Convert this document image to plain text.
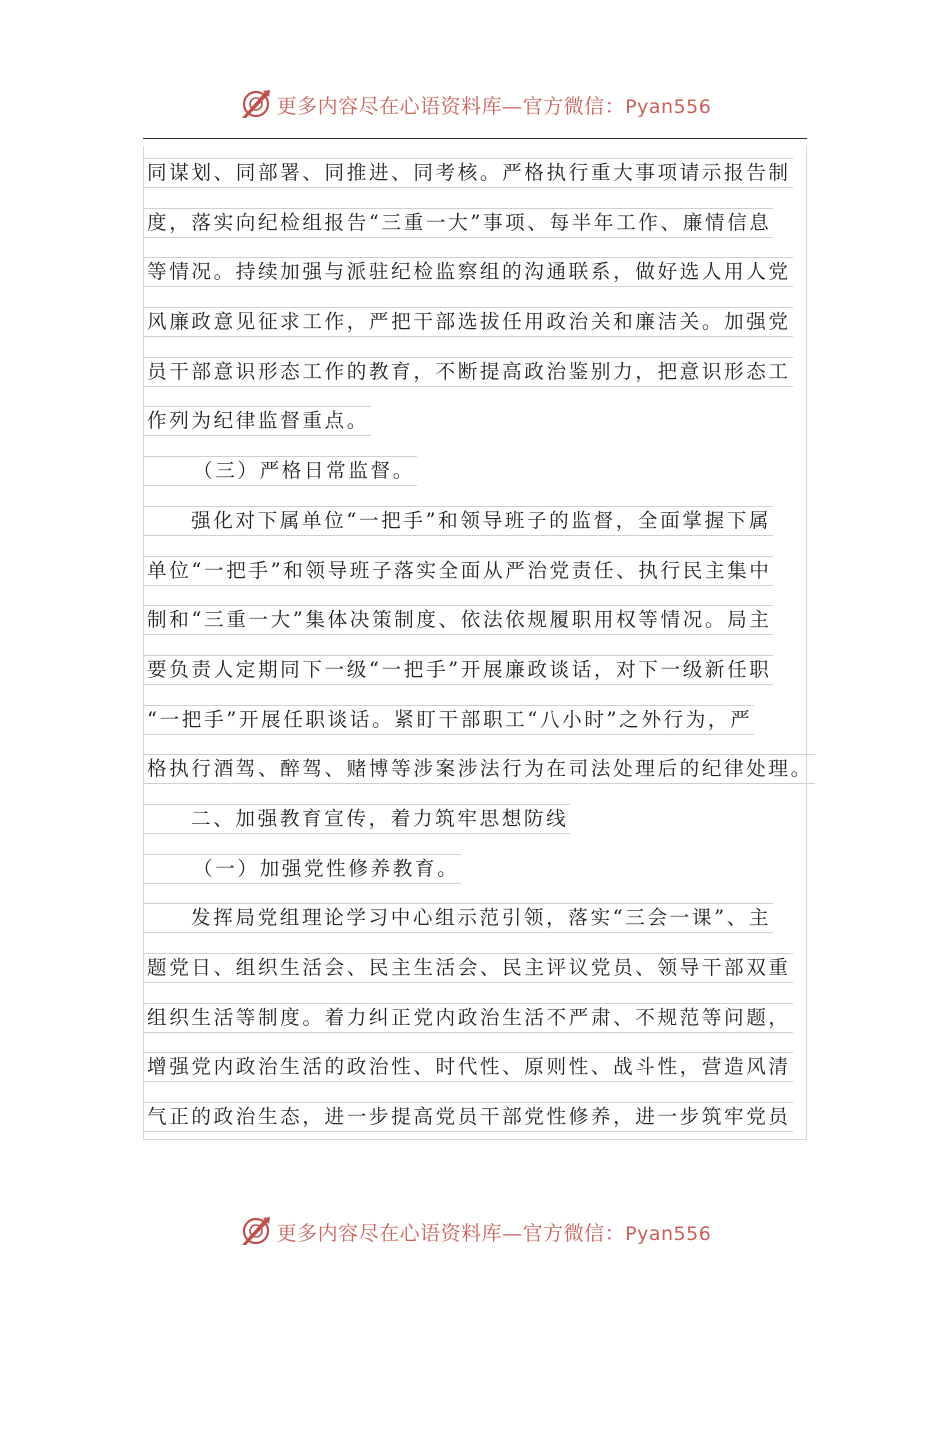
更多内容尽在心语资料库—官方微信：Pyan556
同谋划、同部署、同推进、同考核。严格执行重大事项请示报告制
度，落实向纪检组报告“三重一大”事项、每半年工作、廉情信息
等情况。持续加强与派驻纪检监察组的沟通联系，做好选人用人党
风廉政意见征求工作，严把干部选拔任用政治关和廉洁关。加强党
员干部意识形态工作的教育，不断提高政治鉴别力，把意识形态工
作列为纪律监督重点。
（三）严格日常监督。
强化对下属单位“一把手”和领导班子的监督，全面掌握下属
单位“一把手”和领导班子落实全面从严治党责任、执行民主集中
制和“三重一大”集体决策制度、依法依规履职用权等情况。局主
要负责人定期同下一级“一把手”开展廉政谈话，对下一级新任职
“一把手”开展任职谈话。紧盯干部职工“八小时”之外行为，严
格执行酒驾、醉驾、赌博等涉案涉法行为在司法处理后的纪律处理。
二、加强教育宣传，着力筑牢思想防线
（一）加强党性修养教育。
发挥局党组理论学习中心组示范引领，落实“三会一课”、主
题党日、组织生活会、民主生活会、民主评议党员、领导干部双重
组织生活等制度。着力纠正党内政治生活不严肃、不规范等问题，
增强党内政治生活的政治性、时代性、原则性、战斗性，营造风清
气正的政治生态，进一步提高党员干部党性修养，进一步筑牢党员
更多内容尽在心语资料库—官方微信：Pyan556
